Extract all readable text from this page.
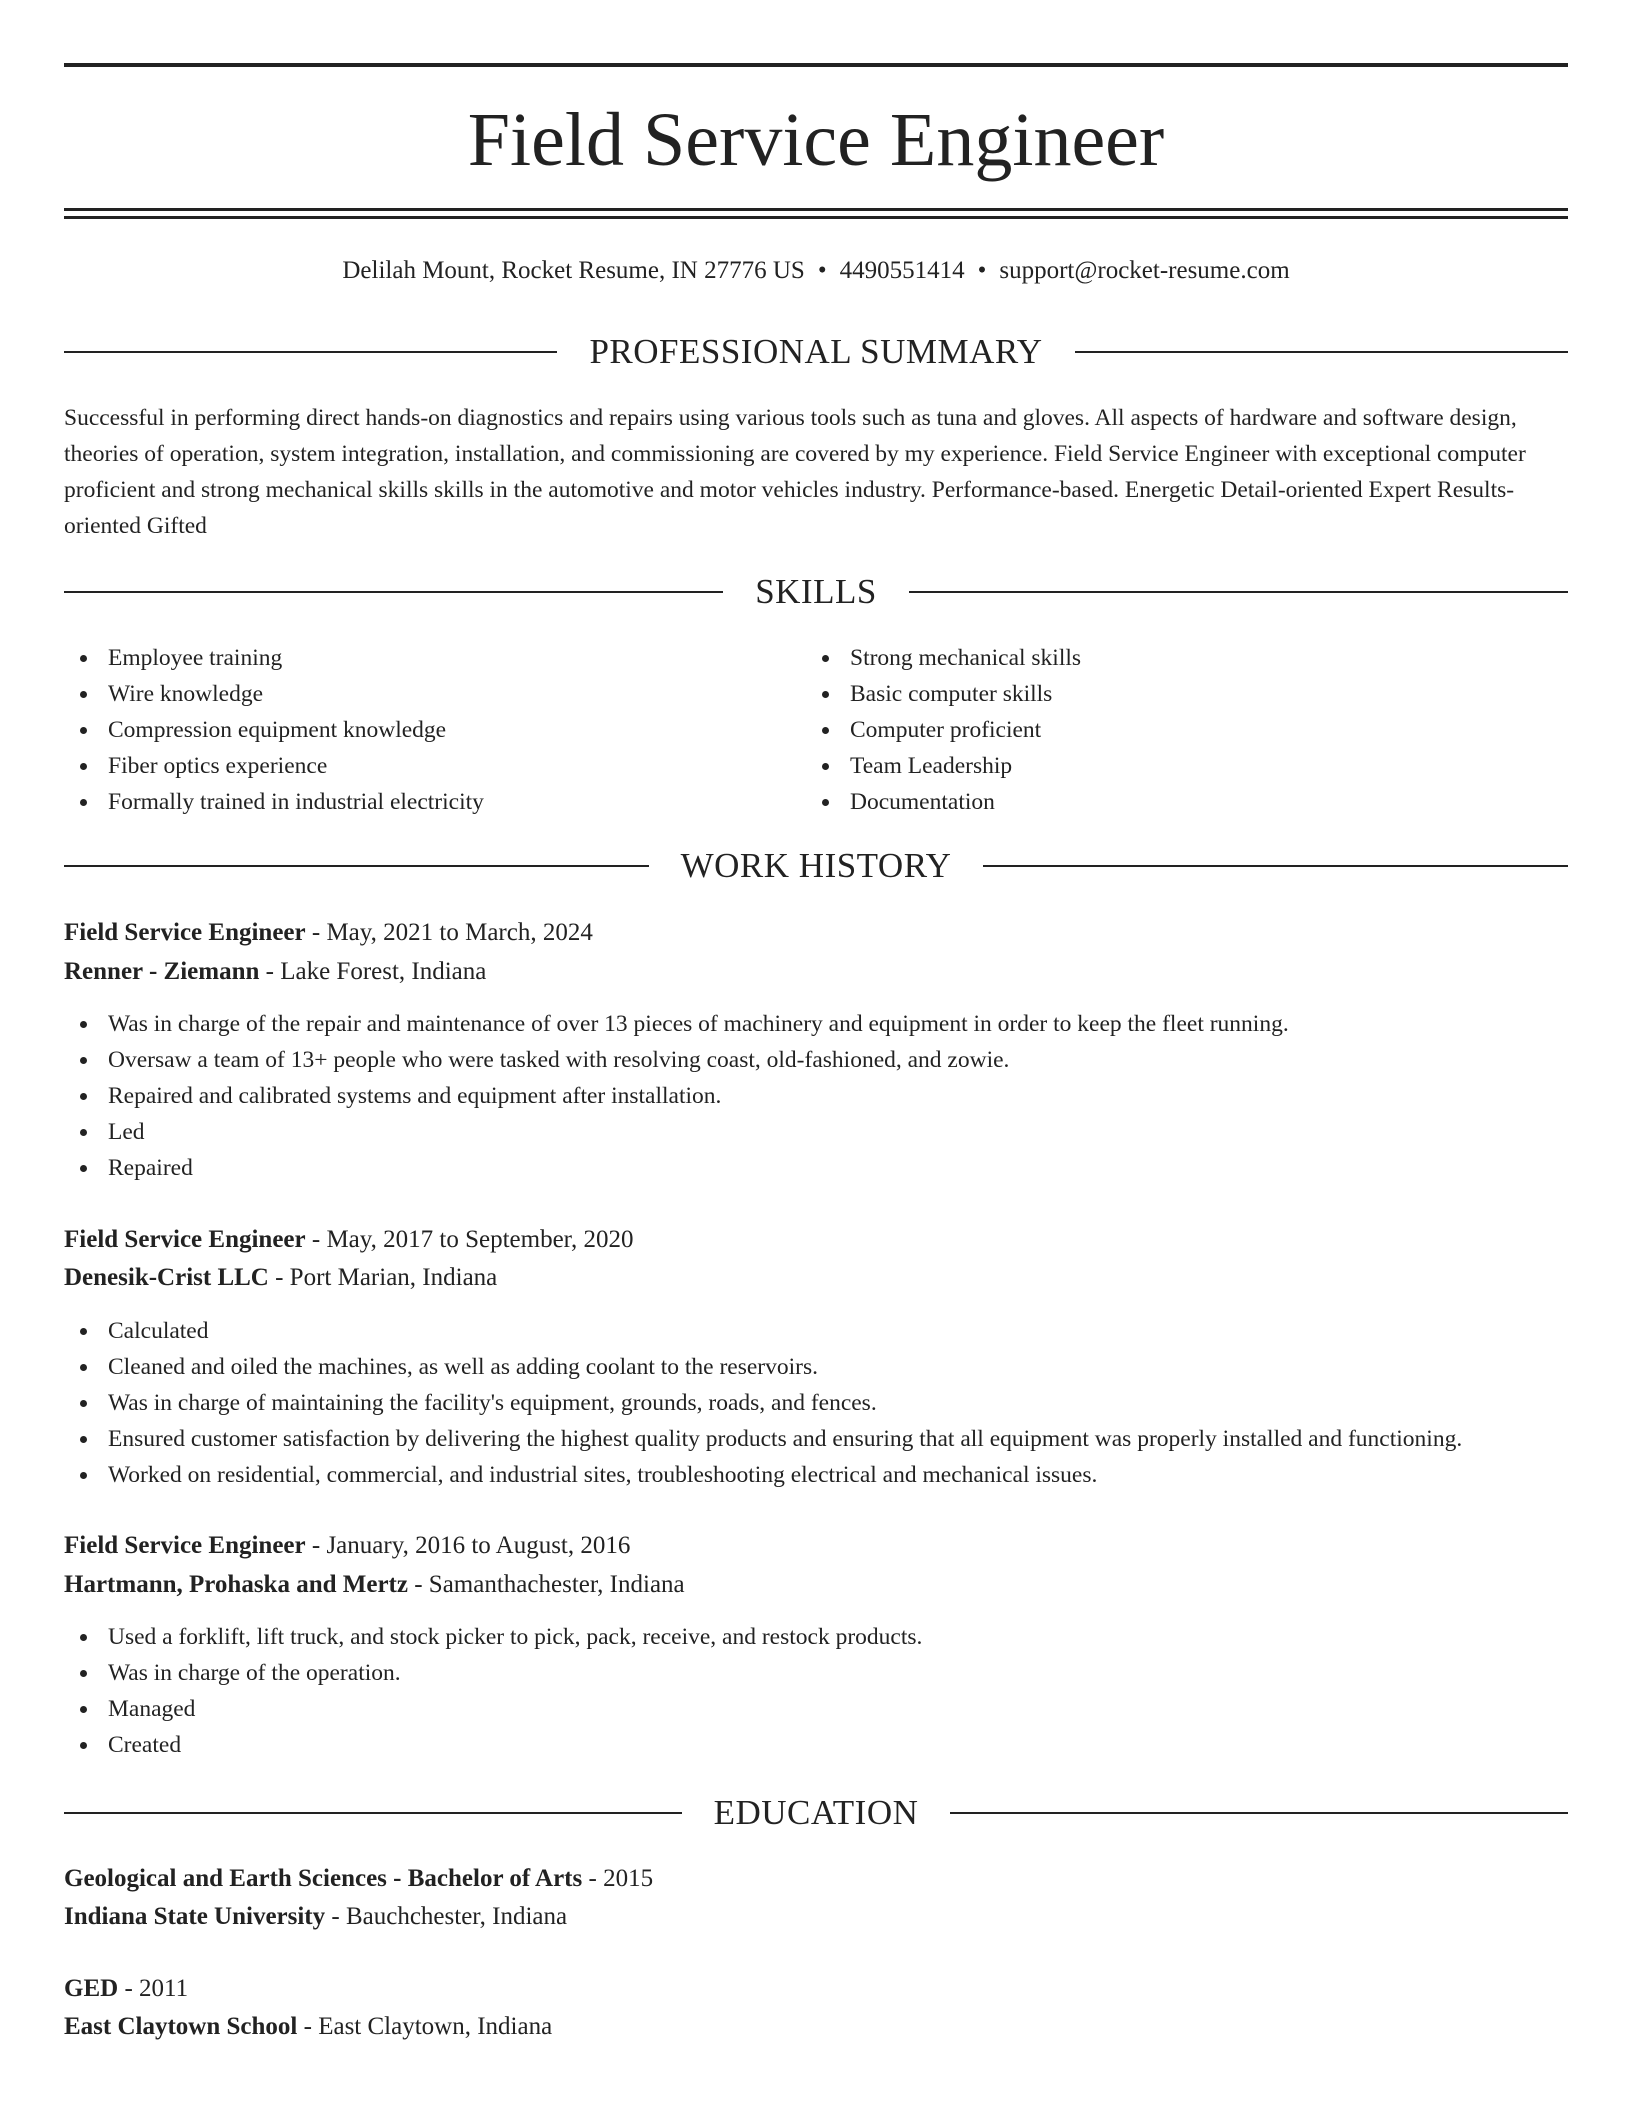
Field Service Engineer
Delilah Mount, Rocket Resume, IN 27776 US • 4490551414 • support@rocket-resume.com
PROFESSIONAL SUMMARY

Successful in performing direct hands-on diagnostics and repairs using various tools such as tuna and gloves. All aspects of hardware and software design, theories of operation, system integration, installation, and commissioning are covered by my experience. Field Service Engineer with exceptional computer proficient and strong mechanical skills skills in the automotive and motor vehicles industry. Performance-based. Energetic Detail-oriented Expert Results-oriented Gifted

SKILLS
Employee training
Wire knowledge
Compression equipment knowledge
Fiber optics experience
Formally trained in industrial electricity
Strong mechanical skills
Basic computer skills
Computer proficient
Team Leadership
Documentation
WORK HISTORY
Field Service Engineer - May, 2021 to March, 2024
Renner - Ziemann - Lake Forest, Indiana
Was in charge of the repair and maintenance of over 13 pieces of machinery and equipment in order to keep the fleet running.
Oversaw a team of 13+ people who were tasked with resolving coast, old-fashioned, and zowie.
Repaired and calibrated systems and equipment after installation.
Led
Repaired
Field Service Engineer - May, 2017 to September, 2020
Denesik-Crist LLC - Port Marian, Indiana
Calculated
Cleaned and oiled the machines, as well as adding coolant to the reservoirs.
Was in charge of maintaining the facility's equipment, grounds, roads, and fences.
Ensured customer satisfaction by delivering the highest quality products and ensuring that all equipment was properly installed and functioning.
Worked on residential, commercial, and industrial sites, troubleshooting electrical and mechanical issues.
Field Service Engineer - January, 2016 to August, 2016
Hartmann, Prohaska and Mertz - Samanthachester, Indiana
Used a forklift, lift truck, and stock picker to pick, pack, receive, and restock products.
Was in charge of the operation.
Managed
Created
EDUCATION
Geological and Earth Sciences - Bachelor of Arts - 2015
Indiana State University - Bauchchester, Indiana
GED - 2011
East Claytown School - East Claytown, Indiana
